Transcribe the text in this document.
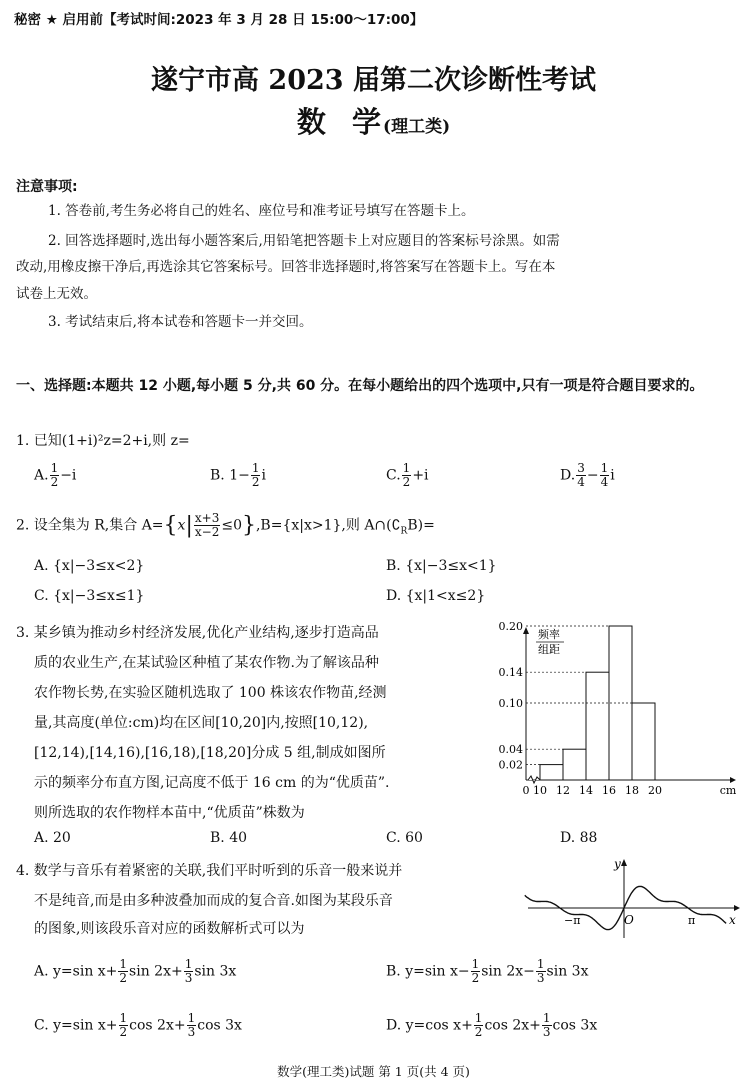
秘密 ★ 启用前【考试时间:2023 年 3 月 28 日 15:00～17:00】
遂宁市高 2023 届第二次诊断性考试
数  学(理工类)
注意事项:
1. 答卷前,考生务必将自己的姓名、座位号和准考证号填写在答题卡上。
2. 回答选择题时,选出每小题答案后,用铅笔把答题卡上对应题目的答案标号涂黑。如需
改动,用橡皮擦干净后,再选涂其它答案标号。回答非选择题时,将答案写在答题卡上。写在本
试卷上无效。
3. 考试结束后,将本试卷和答题卡一并交回。
一、选择题:本题共 12 小题,每小题 5 分,共 60 分。在每小题给出的四个选项中,只有一项是符合题目要求的。
1. 已知(1+i)²z=2+i,则 z=
A. $\frac{1}{2} -i$	B. $1- \frac{1}{2}$ i	C. $\frac{1}{2} +i$	D. $\frac{3}{4} - \frac{1}{4}$ i
2. 设全集为 R,集合 $A=\{x| \frac{x+3}{x-2} \le 0\},B=\{x|x>1\}$,则 $A\cap(∁_RB)=$
A. {x|−3≤x<2}	B. {x|−3≤x<1}
C. {x|−3≤x≤1}	D. {x|1<x≤2}
3. 某乡镇为推动乡村经济发展,优化产业结构,逐步打造高品
质的农业生产,在某试验区种植了某农作物.为了解该品种
农作物长势,在实验区随机选取了 100 株该农作物苗,经测
量,其高度(单位:cm)均在区间[10,20]内,按照[10,12),
[12,14),[14,16),[16,18),[18,20]分成 5 组,制成如图所
示的频率分布直方图,记高度不低于 16 cm 的为“优质苗”.
则所选取的农作物样本苗中,“优质苗”株数为
A. 20	B. 40	C. 60	D. 88
频率
组距
0.02
0.04
0.10
0.14
0.20
0 10 12 14 16 18 20	cm
4. 数学与音乐有着紧密的关联,我们平时听到的乐音一般来说并
不是纯音,而是由多种波叠加而成的复合音.如图为某段乐音
的图象,则该段乐音对应的函数解析式可以为
y
x
O
−π	π
A. y=sin $x+ \frac{1}{2}$ $\sin 2x+ \frac{1}{3}$ sin 3x	B. y=sin $x- \frac{1}{2}$ $\sin 2x- \frac{1}{3}$ sin 3x
C. y=sin $x+ \frac{1}{2}$ $\cos 2x+ \frac{1}{3}$ cos 3x	D. y=cos $x+ \frac{1}{2}$ $\cos 2x+ \frac{1}{3}$ cos 3x
数学(理工类)试题 第 1 页(共 4 页)
